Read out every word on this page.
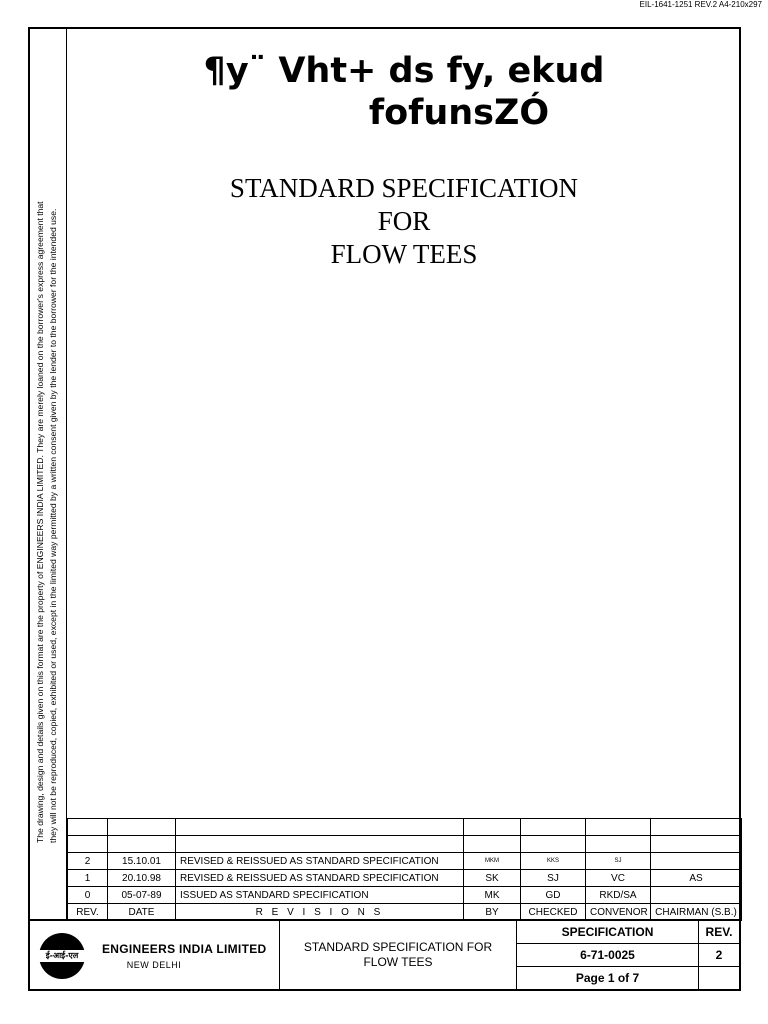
EIL-1641-1251 REV.2 A4-210x297
The drawing, design and details given on this format are the property of ENGINEERS INDIA LIMITED. They are merely loaned on the borrower's express agreement that they will not be reproduced, copied, exhibited or used, except in the limited way permitted by a written consent given by the lender to the borrower for the intended use.
¶y¨ Vht+ ds fy, ekud
fofunsZÓ
STANDARD SPECIFICATION
FOR
FLOW TEES

2	15.10.01	REVISED & REISSUED AS STANDARD SPECIFICATION	MKM	KKS	SJ	
1	20.10.98	REVISED & REISSUED AS STANDARD SPECIFICATION	SK	SJ	VC	AS
0	05-07-89	ISSUED AS STANDARD SPECIFICATION	MK	GD	RKD/SA	
REV.	DATE	R E V I S I O N S	BY	CHECKED	CONVENOR	CHAIRMAN (S.B.)
ई-आई-एल	ENGINEERS INDIA LIMITED
NEW DELHI
STANDARD SPECIFICATION FOR
FLOW TEES
SPECIFICATION	REV.
6-71-0025	2
Page 1 of 7
